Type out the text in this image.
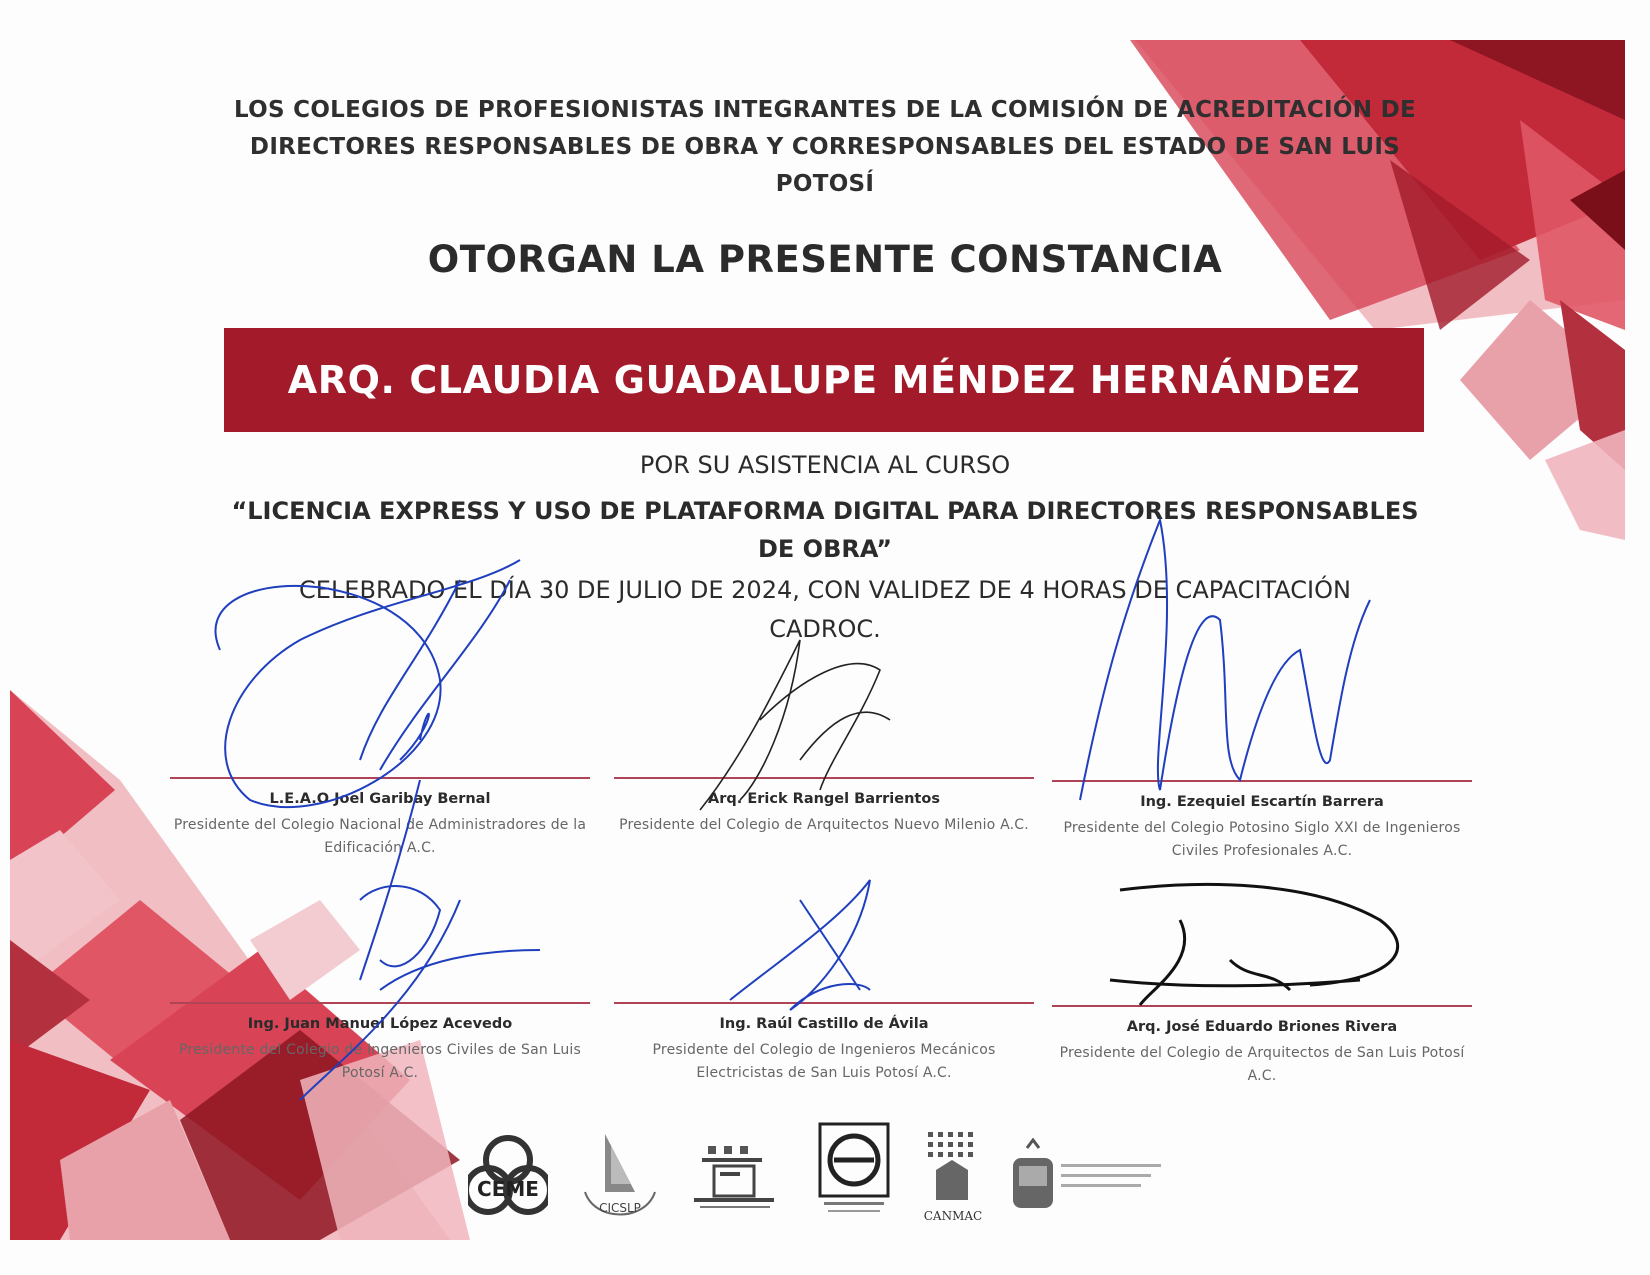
LOS COLEGIOS DE PROFESIONISTAS INTEGRANTES DE LA COMISIÓN DE ACREDITACIÓN DE
DIRECTORES RESPONSABLES DE OBRA Y CORRESPONSABLES DEL ESTADO DE SAN LUIS
POTOSÍ
OTORGAN LA PRESENTE CONSTANCIA
ARQ. CLAUDIA GUADALUPE MÉNDEZ HERNÁNDEZ
POR SU ASISTENCIA AL CURSO
“LICENCIA EXPRESS Y USO DE PLATAFORMA DIGITAL PARA DIRECTORES RESPONSABLES
DE OBRA”
CELEBRADO EL DÍA 30 DE JULIO DE 2024, CON VALIDEZ DE 4 HORAS DE CAPACITACIÓN
CADROC.
L.E.A.O Joel Garibay Bernal
Presidente del Colegio Nacional de Administradores de la Edificación A.C.
Arq. Erick Rangel Barrientos
Presidente del Colegio de Arquitectos Nuevo Milenio A.C.
Ing. Ezequiel Escartín Barrera
Presidente del Colegio Potosino Siglo XXI de Ingenieros Civiles Profesionales A.C.
Ing. Juan Manuel López Acevedo
Presidente del Colegio de Ingenieros Civiles de San Luis Potosí A.C.
Ing. Raúl Castillo de Ávila
Presidente del Colegio de Ingenieros Mecánicos Electricistas de San Luis Potosí A.C.
Arq. José Eduardo Briones Rivera
Presidente del Colegio de Arquitectos de San Luis Potosí A.C.
CEME
CICSLP
CANMAC
